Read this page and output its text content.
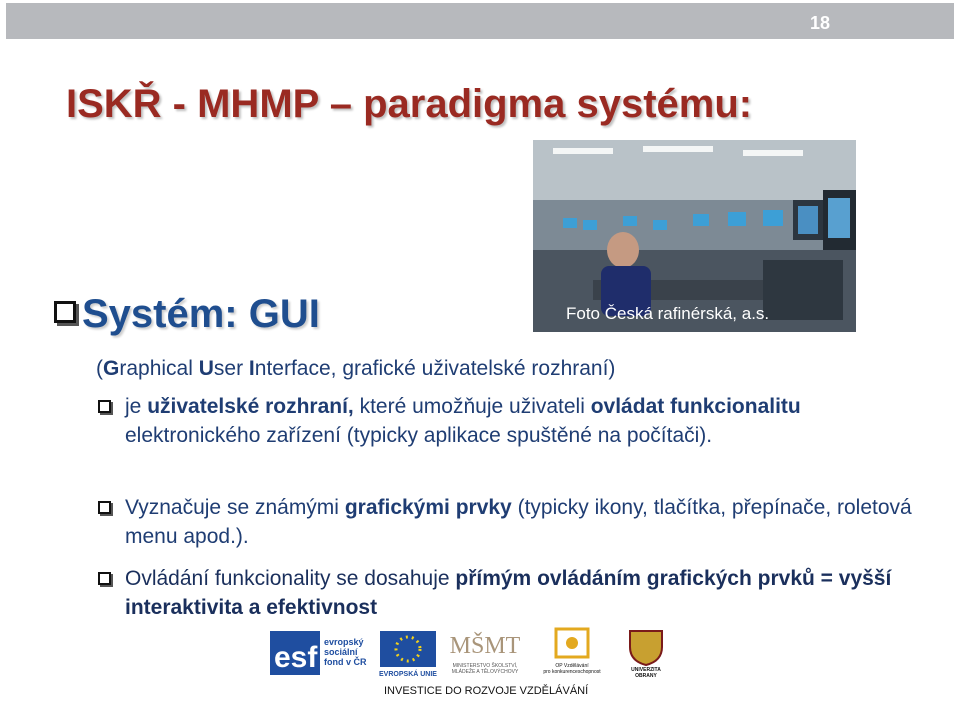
18
ISKŘ - MHMP – paradigma systému:
Foto Česká rafinérská, a.s.
Systém: GUI
(Graphical User Interface, grafické uživatelské rozhraní)
je uživatelské rozhraní, které umožňuje uživateli ovládat funkcionalitu elektronického zařízení (typicky aplikace spuštěné na počítači).
Vyznačuje se známými grafickými prvky (typicky ikony, tlačítka, přepínače, roletová menu apod.).
Ovládání funkcionality se dosahuje přímým ovládáním grafických prvků = vyšší interaktivita a efektivnost
esf evropský sociální fond v ČR
EVROPSKÁ UNIE
MŠMT
MINISTERSTVO ŠKOLSTVÍ, MLÁDEŽE A TĚLOVÝCHOVY
OP Vzdělávání pro konkurenceschopnost	UNIVERZITA OBRANY
INVESTICE DO ROZVOJE VZDĚLÁVÁNÍ
